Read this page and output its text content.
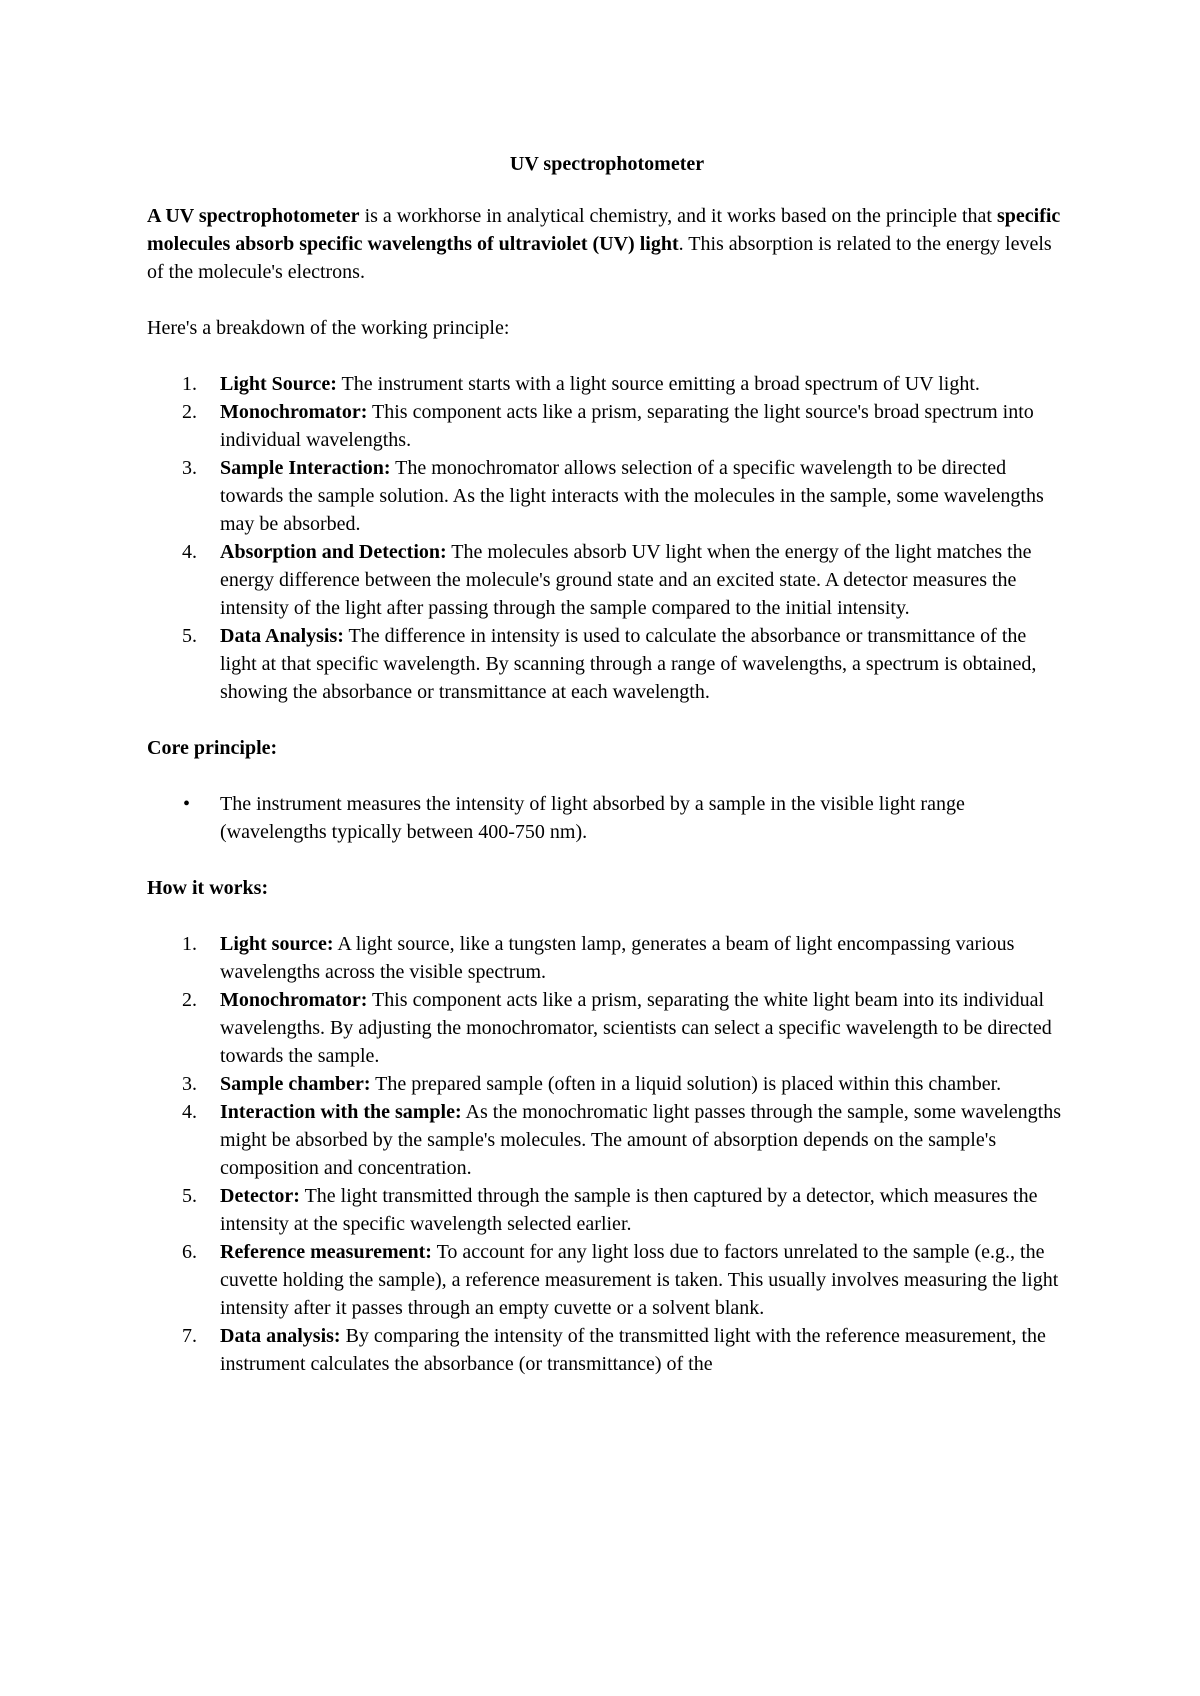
UV spectrophotometer

A UV spectrophotometer is a workhorse in analytical chemistry, and it works based on the principle that specific molecules absorb specific wavelengths of ultraviolet (UV) light. This absorption is related to the energy levels of the molecule's electrons.

Here's a breakdown of the working principle:

1. Light Source: The instrument starts with a light source emitting a broad spectrum of UV light.
2. Monochromator: This component acts like a prism, separating the light source's broad spectrum into individual wavelengths.
3. Sample Interaction: The monochromator allows selection of a specific wavelength to be directed towards the sample solution. As the light interacts with the molecules in the sample, some wavelengths may be absorbed.
4. Absorption and Detection: The molecules absorb UV light when the energy of the light matches the energy difference between the molecule's ground state and an excited state. A detector measures the intensity of the light after passing through the sample compared to the initial intensity.
5. Data Analysis: The difference in intensity is used to calculate the absorbance or transmittance of the light at that specific wavelength. By scanning through a range of wavelengths, a spectrum is obtained, showing the absorbance or transmittance at each wavelength.

Core principle:

• The instrument measures the intensity of light absorbed by a sample in the visible light range (wavelengths typically between 400-750 nm).

How it works:

1. Light source: A light source, like a tungsten lamp, generates a beam of light encompassing various wavelengths across the visible spectrum.
2. Monochromator: This component acts like a prism, separating the white light beam into its individual wavelengths. By adjusting the monochromator, scientists can select a specific wavelength to be directed towards the sample.
3. Sample chamber: The prepared sample (often in a liquid solution) is placed within this chamber.
4. Interaction with the sample: As the monochromatic light passes through the sample, some wavelengths might be absorbed by the sample's molecules. The amount of absorption depends on the sample's composition and concentration.
5. Detector: The light transmitted through the sample is then captured by a detector, which measures the intensity at the specific wavelength selected earlier.
6. Reference measurement: To account for any light loss due to factors unrelated to the sample (e.g., the cuvette holding the sample), a reference measurement is taken. This usually involves measuring the light intensity after it passes through an empty cuvette or a solvent blank.
7. Data analysis: By comparing the intensity of the transmitted light with the reference measurement, the instrument calculates the absorbance (or transmittance) of the
